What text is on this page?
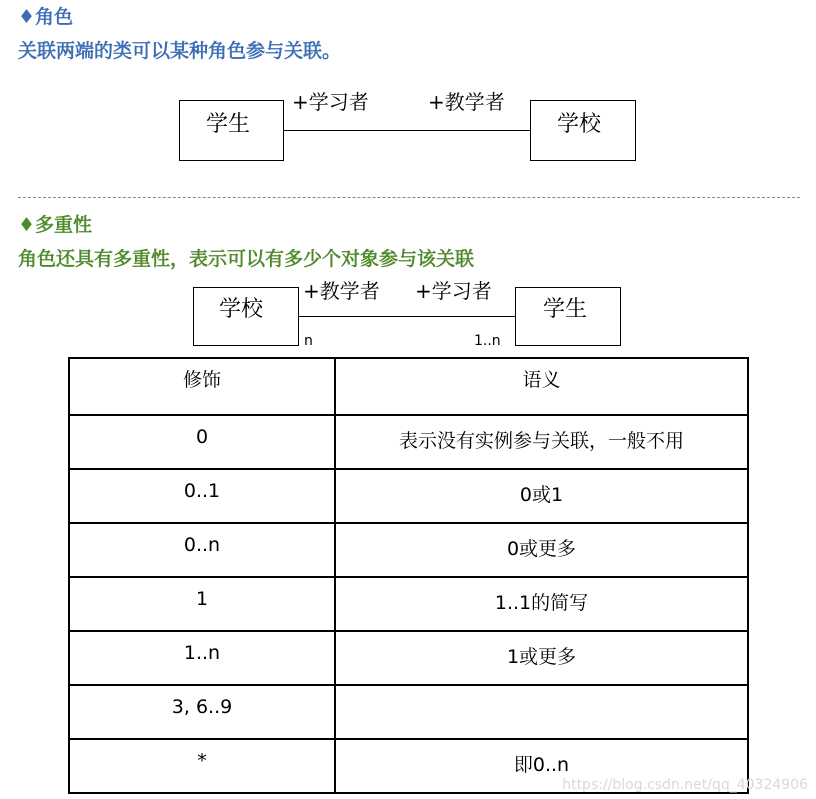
♦角色
关联两端的类可以某种角色参与关联。
学生	学校
+学习者	+教学者
♦多重性
角色还具有多重性，表示可以有多少个对象参与该关联
学校	学生
+教学者 +学习者
n	1..n
修饰	语义
0	表示没有实例参与关联，一般不用
0..1	0或1
0..n	0或更多
1	1..1的简写
1..n	1或更多
3, 6..9	
*	即0..n
https://blog.csdn.net/qq_40324906
